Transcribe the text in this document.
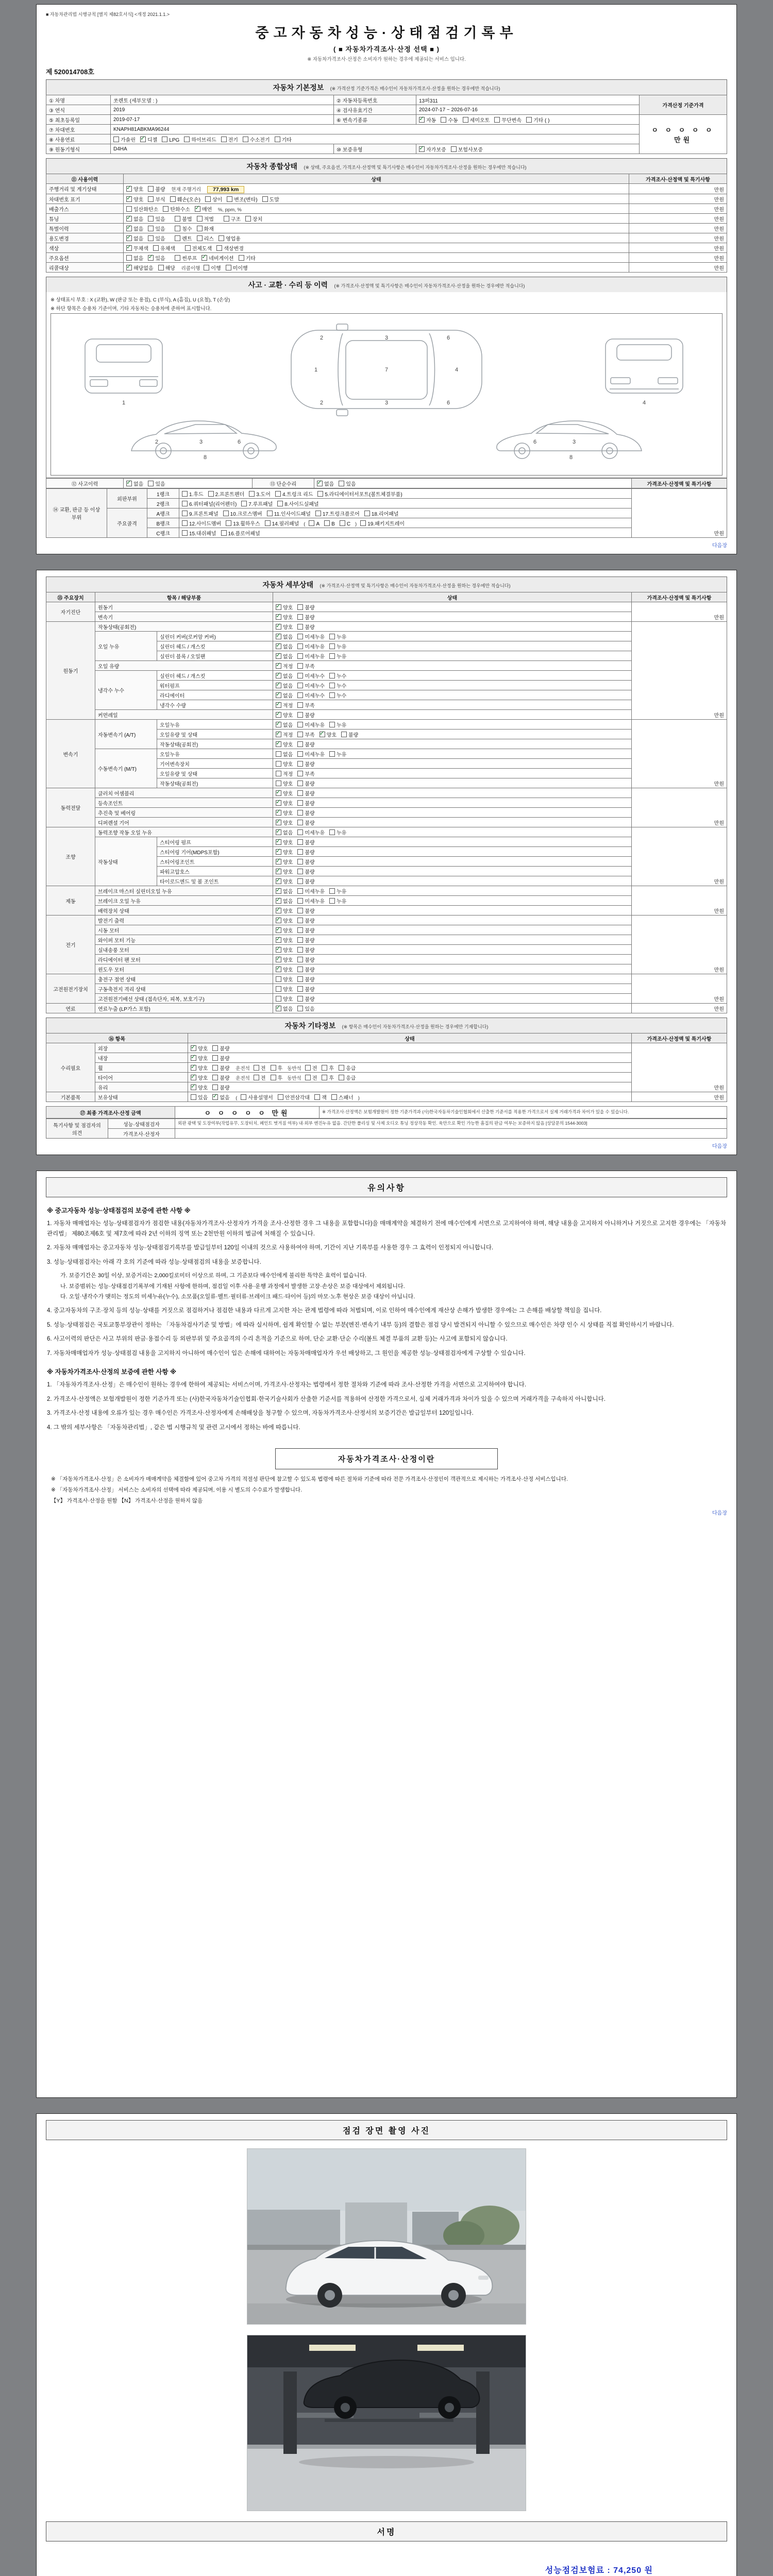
■ 자동차관리법 시행규칙 [별지 제82호서식] <개정 2021.1.1.>
중고자동차성능·상태점검기록부
( ■ 자동차가격조사·산정 선택 ■ )
※ 자동차가격조사·산정은 소비자가 원하는 경우에 제공되는 서비스 입니다.
제 520014708호
자동차 기본정보 (※ 가격산정 기준가격은 매수인이 자동차가격조사·산정을 원하는 경우에만 적습니다)
① 차명	쏘렌토 (세부모델 : )	② 자동차등록번호	13퍼311	가격산정 기준가격
③ 연식	2019	④ 검사유효기간	2024-07-17 ~ 2026-07-16	
⑤ 최초등록일	2019-07-17	⑥ 변속기종류	✓자동 수동 세미오토 무단변속 기타 ( )	ㅇ ㅇ ㅇ ㅇ ㅇ 만원
⑦ 차대번호	KNAPH81ABKMA96244			
⑧ 사용연료	가솔린 ✓ 디젤 LPG 하이브리드 전기 수소전기 기타
⑨ 원동기형식	D4HA	⑩ 보증유형	✓자가보증 보험사보증
자동차 종합상태 (※ 상태, 주요옵션, 가격조사·산정액 및 특기사항은 매수인이 자동차가격조사·산정을 원하는 경우에만 적습니다)
⑪ 사용이력	상태	가격조사·산정액 및 특기사항
주행거리 및 계기상태	✓양호 불량 현재 주행거리 77,993 km	만원
차대번호 표기	✓양호 부식 훼손(오손) 상이 변조(변타) 도말	만원
배출가스	일산화탄소 탄화수소 ✓ 매연 %, ppm, %	만원
튜닝	✓없음 있음 불법 적법 구조 장치	만원
특별이력	✓없음 있음 침수 화재	만원
용도변경	✓없음 있음 렌트 리스 영업용	만원
색상	✓무채색 유채색 전체도색 색상변경	만원
주요옵션	없음 ✓ 있음 썬루프 ✓ 네비게이션 기타	만원
리콜대상	✓해당없음 해당 리콜이행 이행 미이행	만원
사고 · 교환 · 수리 등 이력 (※ 가격조사·산정액 및 특기사항은 매수인이 자동차가격조사·산정을 원하는 경우에만 적습니다)
※ 상태표시 부호 : X (교환), W (판금 또는 용접), C (부식), A (흠집), U (요철), T (손상)
※ 하단 항목은 승용차 기준이며, 기타 자동차는 승용차에 준하여 표시합니다.
1	4
1	7	4
2	3	6
2	3	6
2	3	6
8
3
6
8
⑫ 사고이력	✓없음 있음	⑬ 단순수리	✓없음 있음	가격조사·산정액 및 특기사항
⑭ 교환, 판금 등 이상 부위	외판부위	1랭크	1.후드 2.프론트펜더 3.도어 4.트렁크 리드 5.라디에이터서포트(볼트체결부품)	만원
		2랭크	6.쿼터패널(리어펜더) 7.루프패널 8.사이드실패널	
	주요골격	A랭크	9.프론트패널 10.크로스멤버 11.인사이드패널 17.트렁크플로어 18.리어패널	
		B랭크	12.사이드멤버 13.휠하우스 14.필러패널 ( A B C ) 19.패키지트레이	
		C랭크	15.대쉬패널 16.플로어패널	
다음장
자동차 세부상태 (※ 가격조사·산정액 및 특기사항은 매수인이 자동차가격조사·산정을 원하는 경우에만 적습니다)
⑮ 주요장치	항목 / 해당부품		상태	가격조사·산정액 및 특기사항
자기진단	원동기	✓양호 불량	만원
	변속기	✓양호 불량
원동기	작동상태(공회전)	✓양호 불량	만원
	오일 누유	실린더 커버(로커암 커버)	✓없음 미세누유 누유
		실린더 헤드 / 개스킷	✓없음 미세누유 누유
		실린더 블록 / 오일팬	✓없음 미세누유 누유
	오일 유량	✓적정 부족
	냉각수 누수	실린더 헤드 / 개스킷	✓없음 미세누수 누수
		워터펌프	✓없음 미세누수 누수
		라디에이터	✓없음 미세누수 누수
		냉각수 수량	✓적정 부족
	커먼레일	✓양호 불량
변속기	자동변속기 (A/T)	오일누유	✓없음 미세누유 누유	만원
		오일유량 및 상태	✓적정 부족 ✓ 양호 불량
		작동상태(공회전)	✓양호 불량
	수동변속기 (M/T)	오일누유	없음 미세누유 누유	
		기어변속장치	양호 불량	
		오일유량 및 상태	적정 부족	
		작동상태(공회전)	양호 불량	
동력전달	클러치 어셈블리	✓양호 불량	만원
	등속조인트	✓양호 불량
	추진축 및 베어링	✓양호 불량
	디퍼렌셜 기어	✓양호 불량
조향	동력조향 작동 오일 누유	✓없음 미세누유 누유	만원
	작동상태	스티어링 펌프	✓양호 불량
		스티어링 기어(MDPS포함)	✓양호 불량
		스티어링조인트	✓양호 불량
		파워고압호스	✓양호 불량
		타이로드엔드 및 볼 조인트	✓양호 불량
제동	브레이크 마스터 실린더오일 누유	✓없음 미세누유 누유	만원
	브레이크 오일 누유	✓없음 미세누유 누유
	배력장치 상태	✓양호 불량
전기	발전기 출력	✓양호 불량	만원
	시동 모터	✓양호 불량
	와이퍼 모터 기능	✓양호 불량
	실내송풍 모터	✓양호 불량
	라디에이터 팬 모터	✓양호 불량
	윈도우 모터	✓양호 불량
고전원전기장치	충전구 절연 상태		양호 불량	만원
	구동축전지 격리 상태		양호 불량	
	고전원전기배선 상태 (접속단자, 피복, 보호기구)		양호 불량	
연료	연료누출 (LP가스 포함)	✓없음 있음	만원
자동차 기타정보 (※ 항목은 매수인이 자동차가격조사·산정을 원하는 경우에만 기재합니다)
⑯ 항목		상태	가격조사·산정액 및 특기사항
수리필요	외장	✓양호 불량	만원
	내장	✓양호 불량
	휠	✓양호 불량 운전석 전 후 동반석 전 후 응급
	타이어	✓양호 불량 운전석 전 후 동반석 전 후 응급
	유리	✓양호 불량
기본품목	보유상태	있음 ✓ 없음 ( 사용설명서 안전삼각대 잭 스패너 )	만원
⑰ 최종 가격조사·산정 금액	ㅇ ㅇ ㅇ ㅇ ㅇ 만원	※ 가격조사·산정액은 보험개발원이 정한 기준가격과 (사)한국자동차기술인협회에서 산출한 기준서를 적용한 가격으로서 실제 거래가격과 차이가 있을 수 있습니다.
특기사항 및 점검자의 의견	성능·상태점검자	외판 광택 및 도장여부(작업유무, 도장터치, 페인트 벗겨짐 여부) 내·외부 엔진누유 없음. 간단한 폴리싱 및 사제 오디오 튜닝 정상작동 확인. 육안으로 확인 가능한 흠집의 판금 여부는 보증하지 않음 [상담문의 1544-3003]
	가격조사·산정자	
다음장
유의사항
※ 중고자동차 성능·상태점검의 보증에 관한 사항 ※
1. 자동차 매매업자는 성능·상태점검자가 점검한 내용(자동차가격조사·산정자가 가격을 조사·산정한 경우 그 내용을 포함합니다)을 매매계약을 체결하기 전에 매수인에게 서면으로 고지하여야 하며, 해당 내용을 고지하지 아니하거나 거짓으로 고지한 경우에는 「자동차관리법」 제80조제6호 및 제7호에 따라 2년 이하의 징역 또는 2천만원 이하의 벌금에 처해질 수 있습니다.
2. 자동차 매매업자는 중고자동차 성능·상태점검기록부를 발급일부터 120일 이내의 것으로 사용하여야 하며, 기간이 지난 기록부를 사용한 경우 그 효력이 인정되지 아니합니다.
3. 성능·상태점검자는 아래 각 호의 기준에 따라 성능·상태점검의 내용을 보증합니다.
가. 보증기간은 30일 이상, 보증거리는 2,000킬로미터 이상으로 하며, 그 기준보다 매수인에게 불리한 특약은 효력이 없습니다.
나. 보증범위는 성능·상태점검기록부에 기재된 사항에 한하며, 점검일 이후 사용·운행 과정에서 발생한 고장·손상은 보증 대상에서 제외됩니다.
다. 오일·냉각수가 맺히는 정도의 미세누유(누수), 소모품(오일류·벨트·필터류·브레이크 패드·타이어 등)의 마모·노후 현상은 보증 대상이 아닙니다.
4. 중고자동차의 구조·장치 등의 성능·상태를 거짓으로 점검하거나 점검한 내용과 다르게 고지한 자는 관계 법령에 따라 처벌되며, 이로 인하여 매수인에게 재산상 손해가 발생한 경우에는 그 손해를 배상할 책임을 집니다.
5. 성능·상태점검은 국토교통부장관이 정하는 「자동차검사기준 및 방법」에 따라 실시하며, 쉽게 확인할 수 없는 부분(엔진·변속기 내부 등)의 결함은 점검 당시 발견되지 아니할 수 있으므로 매수인은 차량 인수 시 상태를 직접 확인하시기 바랍니다.
6. 사고이력의 판단은 사고 부위의 판금·용접수리 등 외판부위 및 주요골격의 수리 흔적을 기준으로 하며, 단순 교환·단순 수리(볼트 체결 부품의 교환 등)는 사고에 포함되지 않습니다.
7. 자동차매매업자가 성능·상태점검 내용을 고지하지 아니하여 매수인이 입은 손해에 대하여는 자동차매매업자가 우선 배상하고, 그 원인을 제공한 성능·상태점검자에게 구상할 수 있습니다.
※ 자동차가격조사·산정의 보증에 관한 사항 ※
1. 「자동차가격조사·산정」은 매수인이 원하는 경우에 한하여 제공되는 서비스이며, 가격조사·산정자는 법령에서 정한 절차와 기준에 따라 조사·산정한 가격을 서면으로 고지하여야 합니다.
2. 가격조사·산정액은 보험개발원이 정한 기준가격 또는 (사)한국자동차기술인협회·한국기술사회가 산출한 기준서를 적용하여 산정한 가격으로서, 실제 거래가격과 차이가 있을 수 있으며 거래가격을 구속하지 아니합니다.
3. 가격조사·산정 내용에 오류가 있는 경우 매수인은 가격조사·산정자에게 손해배상을 청구할 수 있으며, 자동차가격조사·산정서의 보증기간은 발급일부터 120일입니다.
4. 그 밖의 세부사항은 「자동차관리법」, 같은 법 시행규칙 및 관련 고시에서 정하는 바에 따릅니다.
자동차가격조사·산정이란
※ 「자동차가격조사·산정」은 소비자가 매매계약을 체결함에 있어 중고차 가격의 적절성 판단에 참고할 수 있도록 법령에 따른 절차와 기준에 따라 전문 가격조사·산정인이 객관적으로 제시하는 가격조사·산정 서비스입니다.
※ 「자동차가격조사·산정」 서비스는 소비자의 선택에 따라 제공되며, 이용 시 별도의 수수료가 발생합니다.
【Y】 가격조사·산정을 원함 【N】 가격조사·산정을 원하지 않음
다음장
점검 장면 촬영 사진
서명
성능점검보험료 : 74,250 원
